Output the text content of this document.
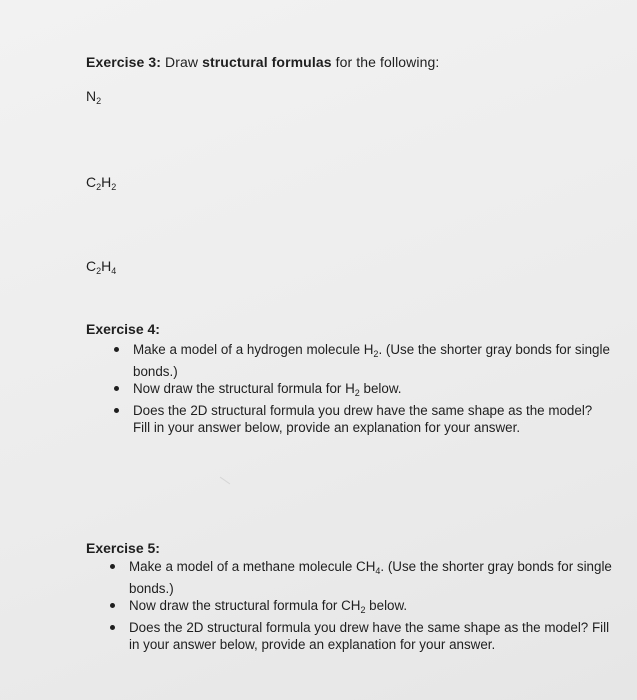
Exercise 3: Draw structural formulas for the following:
$N_2$
$C_2H_2$
$C_2H_4$
Exercise 4:
Make a model of a hydrogen molecule $H_2$. (Use the shorter gray bonds for single bonds.)
Now draw the structural formula for $H_2$ below.
Does the 2D structural formula you drew have the same shape as the model? Fill in your answer below, provide an explanation for your answer.
Exercise 5:
Make a model of a methane molecule $CH_4$. (Use the shorter gray bonds for single bonds.)
Now draw the structural formula for $CH_2$ below.
Does the 2D structural formula you drew have the same shape as the model? Fill in your answer below, provide an explanation for your answer.
